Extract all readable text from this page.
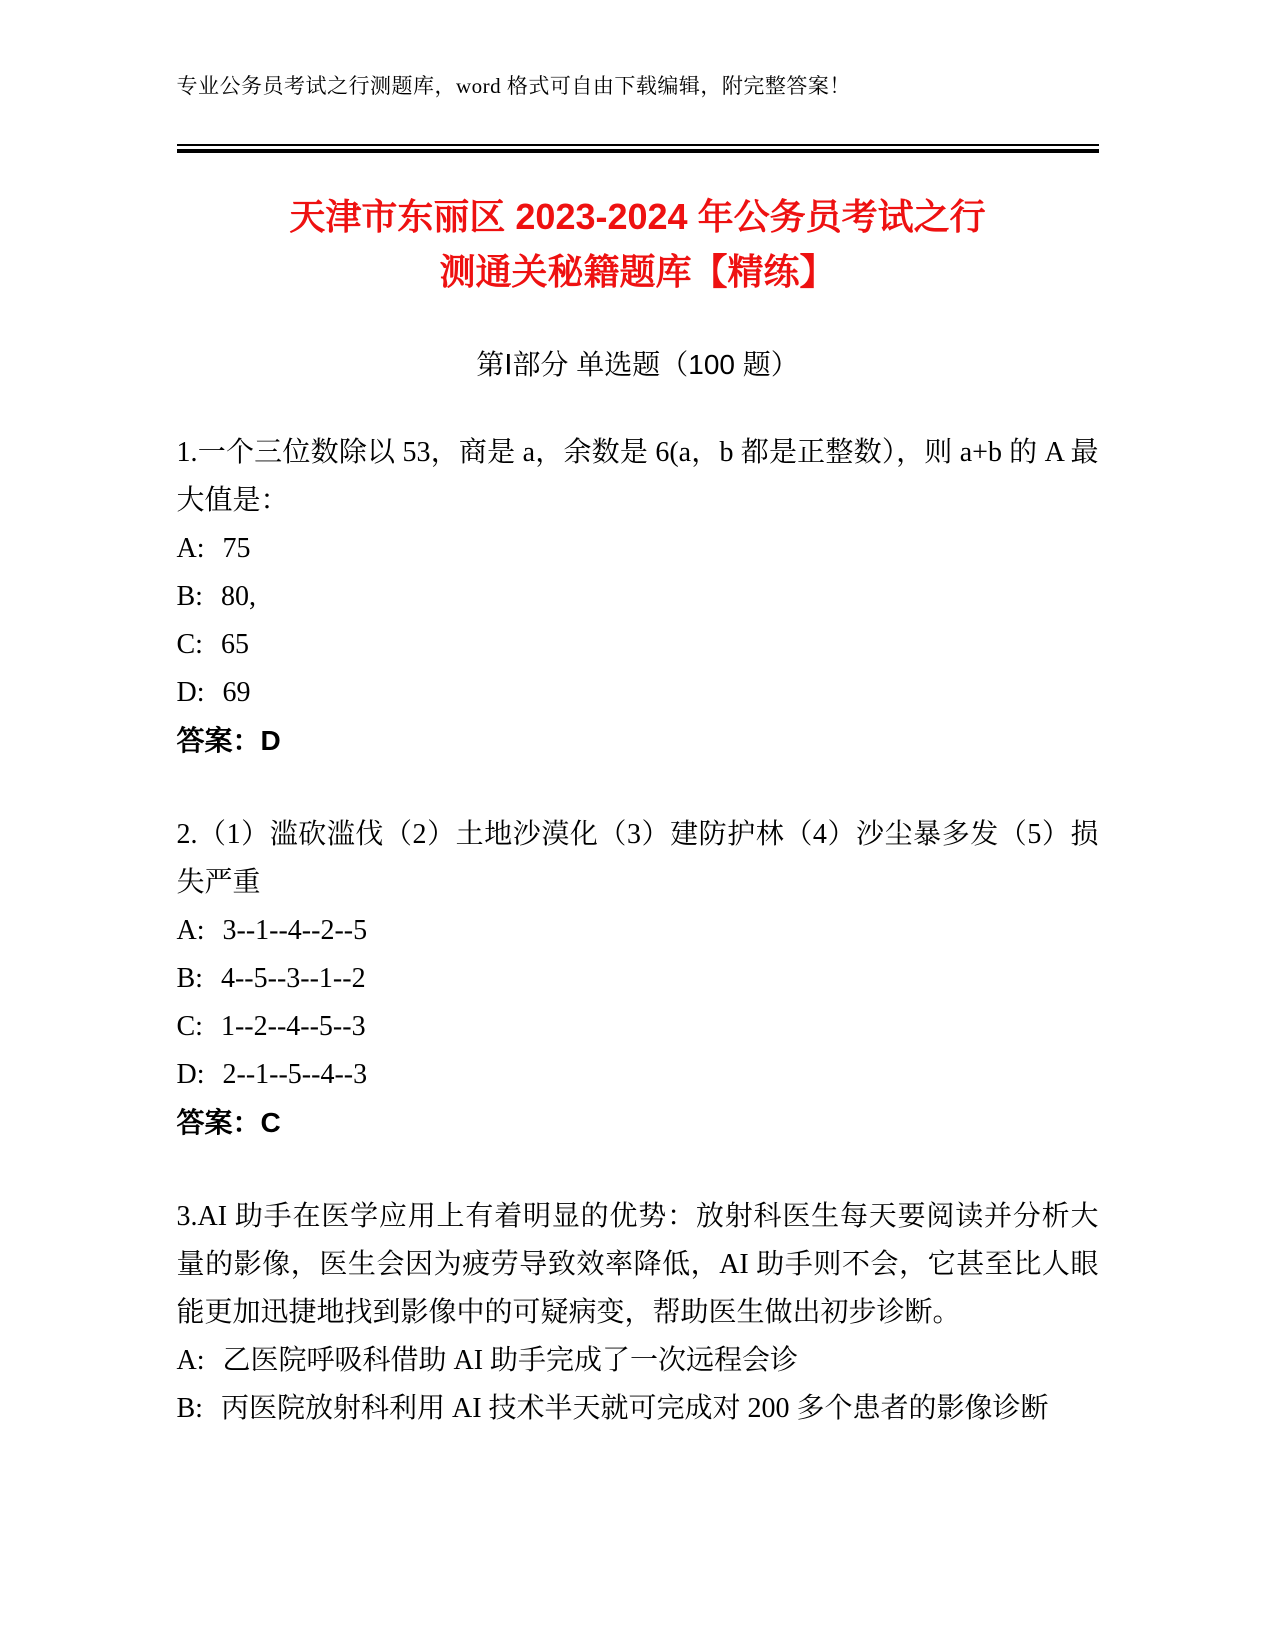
专业公务员考试之行测题库，word 格式可自由下载编辑，附完整答案！
天津市东丽区 2023-2024 年公务员考试之行
测通关秘籍题库【精练】
第Ⅰ部分 单选题（100 题）

1.一个三位数除以 53，商是 a，余数是 6(a，b 都是正整数），则 a+b 的 A 最大值是：

A: 75

B: 80,

C: 65

D: 69

答案：D

2.（1）滥砍滥伐（2）土地沙漠化（3）建防护林（4）沙尘暴多发（5）损失严重

A: 3--1--4--2--5

B: 4--5--3--1--2

C: 1--2--4--5--3

D: 2--1--5--4--3

答案：C

3.AI 助手在医学应用上有着明显的优势：放射科医生每天要阅读并分析大量的影像，医生会因为疲劳导致效率降低，AI 助手则不会，它甚至比人眼能更加迅捷地找到影像中的可疑病变，帮助医生做出初步诊断。

A: 乙医院呼吸科借助 AI 助手完成了一次远程会诊

B: 丙医院放射科利用 AI 技术半天就可完成对 200 多个患者的影像诊断
